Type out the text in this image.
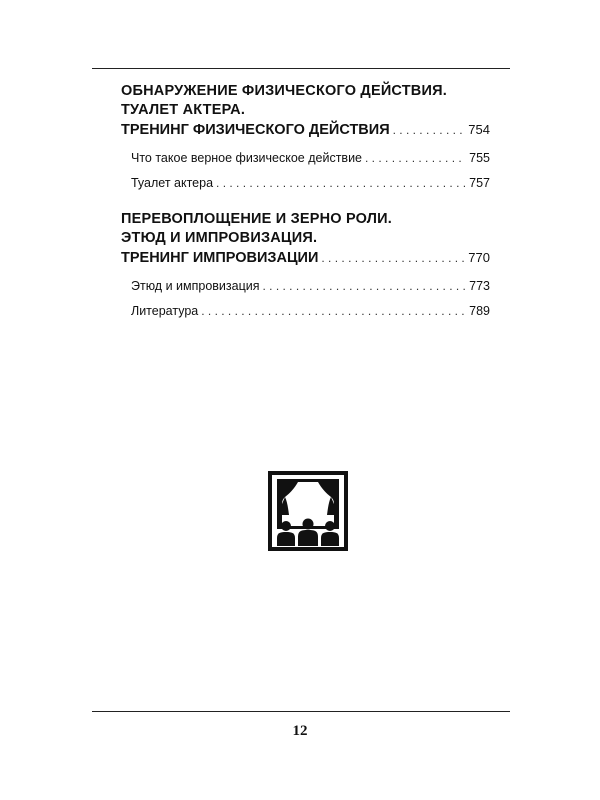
ОБНАРУЖЕНИЕ ФИЗИЧЕСКОГО ДЕЙСТВИЯ.
ТУАЛЕТ АКТЕРА.
ТРЕНИНГ ФИЗИЧЕСКОГО ДЕЙСТВИЯ . . .	754
Что такое верное физическое действие . . .	755
Туалет актера . . .	757
ПЕРЕВОПЛОЩЕНИЕ И ЗЕРНО РОЛИ.
ЭТЮД И ИМПРОВИЗАЦИЯ.
ТРЕНИНГ ИМПРОВИЗАЦИИ . . .	770
Этюд и импровизация . . .	773
Литература . . .	789
12
